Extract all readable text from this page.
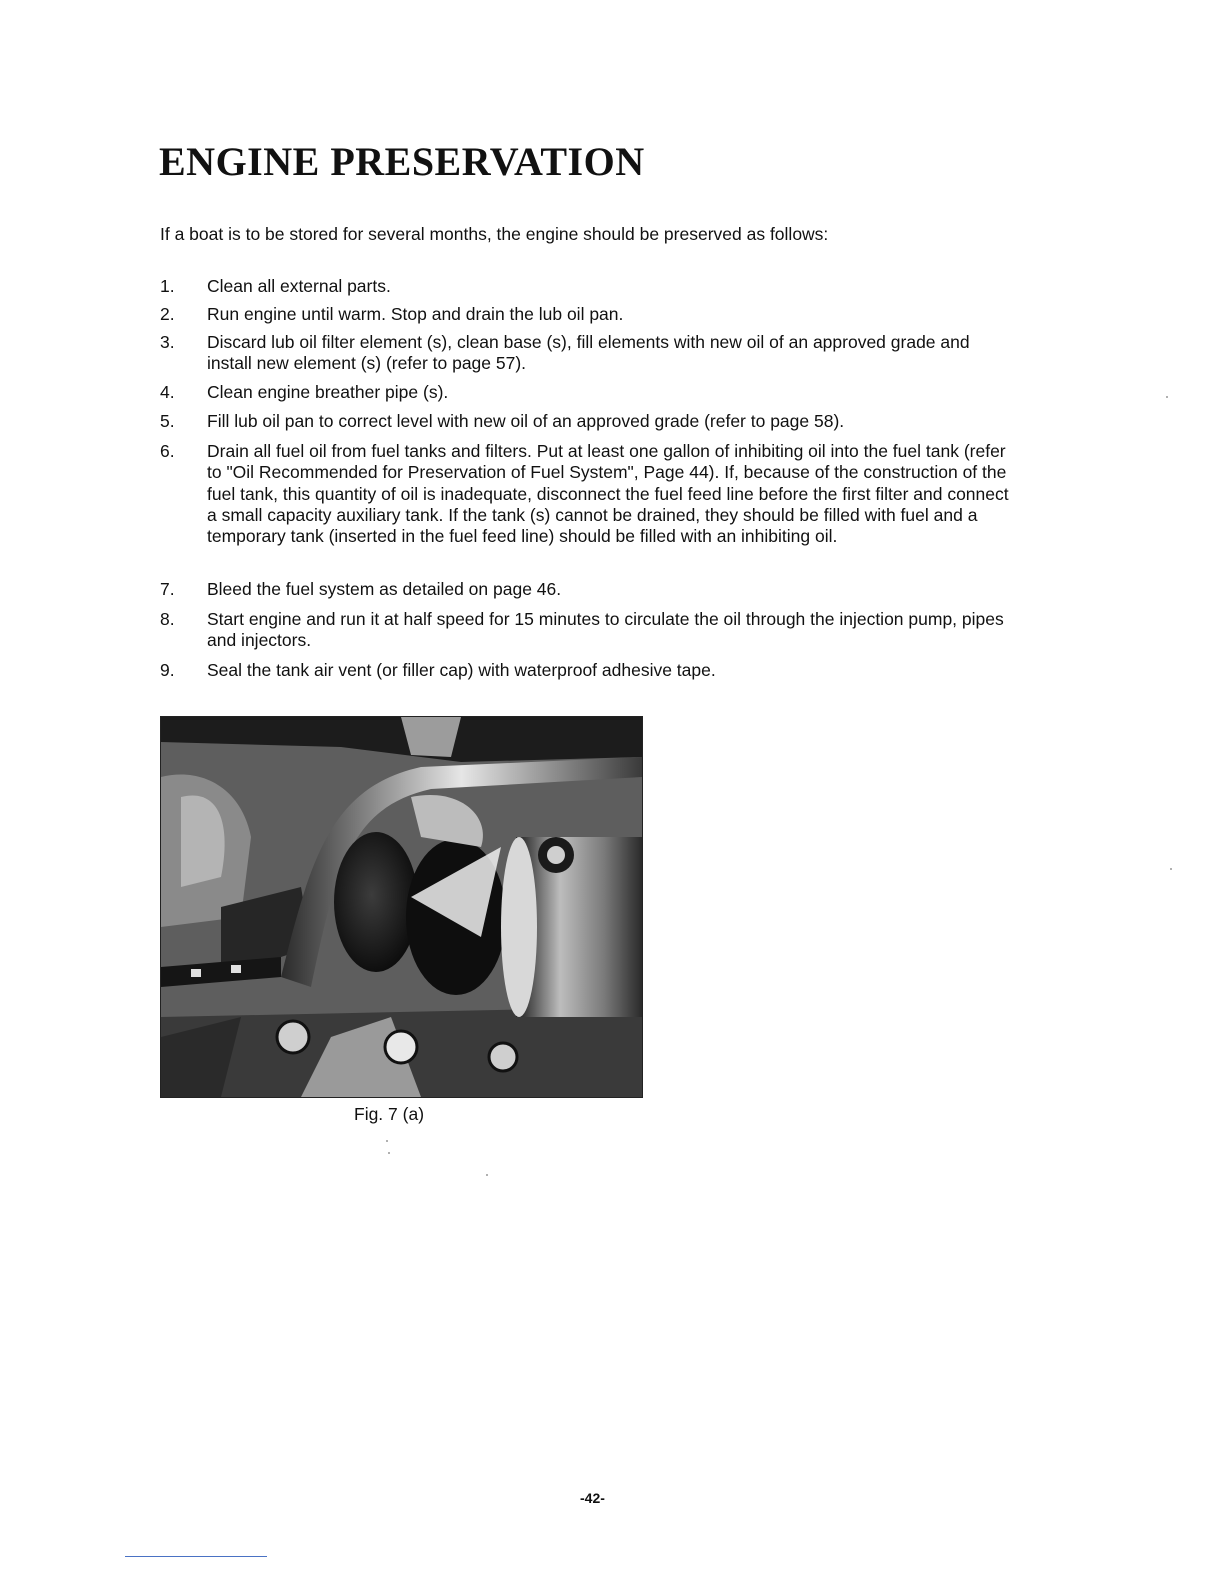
ENGINE PRESERVATION

If a boat is to be stored for several months, the engine should be preserved as follows:

1.	Clean all external parts.
2.	Run engine until warm. Stop and drain the lub oil pan.
3.	Discard lub oil filter element (s), clean base (s), fill elements with new oil of an approved grade and install new element (s) (refer to page 57).
4.	Clean engine breather pipe (s).
5.	Fill lub oil pan to correct level with new oil of an approved grade (refer to page 58).
6.	Drain all fuel oil from fuel tanks and filters. Put at least one gallon of inhibiting oil into the fuel tank (refer to "Oil Recommended for Preservation of Fuel System", Page 44). If, because of the construction of the fuel tank, this quantity of oil is inadequate, disconnect the fuel feed line before the first filter and connect a small capacity auxiliary tank. If the tank (s) cannot be drained, they should be filled with fuel and a temporary tank (inserted in the fuel feed line) should be filled with an inhibiting oil.
7.	Bleed the fuel system as detailed on page 46.
8.	Start engine and run it at half speed for 15 minutes to circulate the oil through the injection pump, pipes and injectors.
9.	Seal the tank air vent (or filler cap) with waterproof adhesive tape.
Fig. 7 (a)
-42-
